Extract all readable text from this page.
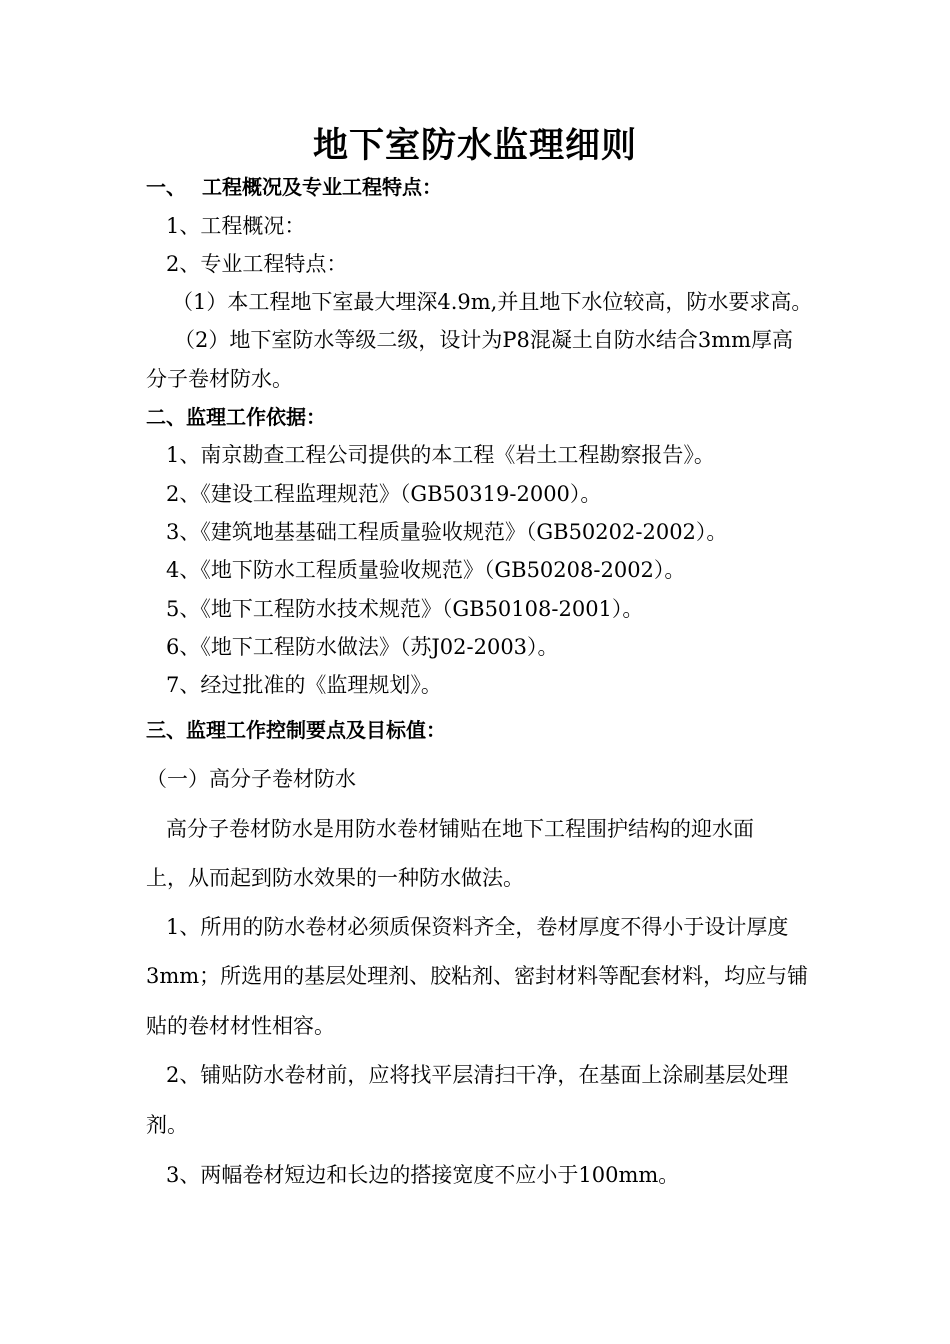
地下室防水监理细则
一、 工程概况及专业工程特点：
1、工程概况：
2、专业工程特点：
（1）本工程地下室最大埋深4.9m,并且地下水位较高，防水要求高。
（2）地下室防水等级二级，设计为P8混凝土自防水结合3mm厚高
分子卷材防水。
二、监理工作依据：
1、南京勘查工程公司提供的本工程《岩土工程勘察报告》。
2、《建设工程监理规范》（GB50319-2000）。
3、《建筑地基基础工程质量验收规范》（GB50202-2002）。
4、《地下防水工程质量验收规范》（GB50208-2002）。
5、《地下工程防水技术规范》（GB50108-2001）。
6、《地下工程防水做法》（苏J02-2003）。
7、经过批准的《监理规划》。
三、监理工作控制要点及目标值：
（一）高分子卷材防水
高分子卷材防水是用防水卷材铺贴在地下工程围护结构的迎水面
上，从而起到防水效果的一种防水做法。
1、所用的防水卷材必须质保资料齐全，卷材厚度不得小于设计厚度
3mm；所选用的基层处理剂、胶粘剂、密封材料等配套材料，均应与铺
贴的卷材材性相容。
2、铺贴防水卷材前，应将找平层清扫干净，在基面上涂刷基层处理
剂。
3、两幅卷材短边和长边的搭接宽度不应小于100mm。
